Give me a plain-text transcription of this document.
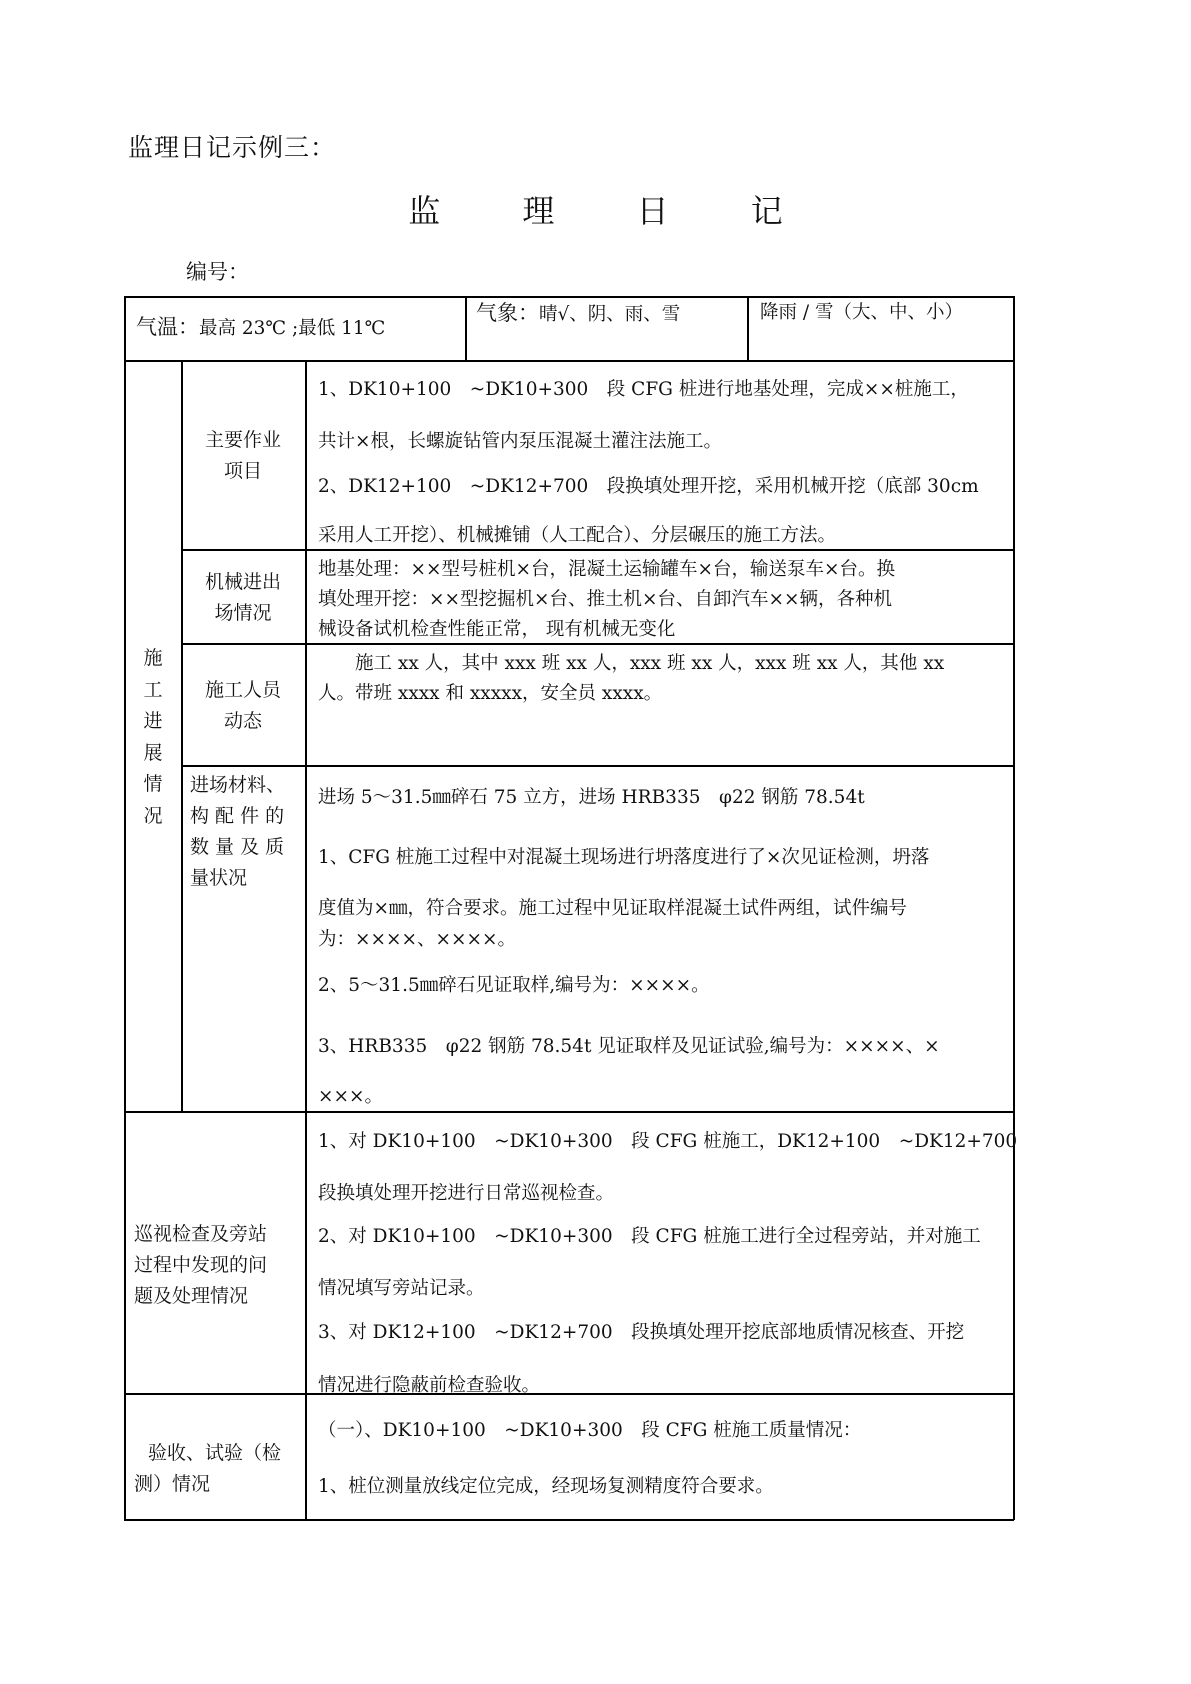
监理日记示例三：
监 理 日 记
编号：
气温：最高 23℃ ;最低 11℃
气象：晴√、阴、雨、雪	降雨 / 雪（大、中、小）
施
工
进
展
情
况
主要作业
项目
1、DK10+100　~DK10+300　段 CFG 桩进行地基处理，完成××桩施工，
共计×根，长螺旋钻管内泵压混凝土灌注法施工。
2、DK12+100　~DK12+700　段换填处理开挖，采用机械开挖（底部 30cm
采用人工开挖）、机械摊铺（人工配合）、分层碾压的施工方法。
机械进出
场情况
地基处理：××型号桩机×台，混凝土运输罐车×台，输送泵车×台。换
填处理开挖：××型挖掘机×台、推土机×台、自卸汽车××辆，各种机
械设备试机检查性能正常， 现有机械无变化
施工人员
动态
　　施工 xx 人，其中 xxx 班 xx 人，xxx 班 xx 人，xxx 班 xx 人，其他 xx
人。带班 xxxx 和 xxxxx，安全员 xxxx。
进场材料、
构 配 件 的
数 量 及 质
量状况
进场 5～31.5㎜碎石 75 立方，进场 HRB335　φ22 钢筋 78.54t
1、CFG 桩施工过程中对混凝土现场进行坍落度进行了×次见证检测，坍落
度值为×㎜，符合要求。施工过程中见证取样混凝土试件两组，试件编号
为：××××、××××。
2、5～31.5㎜碎石见证取样,编号为：××××。
3、HRB335　φ22 钢筋 78.54t 见证取样及见证试验,编号为：××××、×
×××。
巡视检查及旁站
过程中发现的问
题及处理情况
1、对 DK10+100　~DK10+300　段 CFG 桩施工，DK12+100　~DK12+700
段换填处理开挖进行日常巡视检查。
2、对 DK10+100　~DK10+300　段 CFG 桩施工进行全过程旁站，并对施工
情况填写旁站记录。
3、对 DK12+100　~DK12+700　段换填处理开挖底部地质情况核查、开挖
情况进行隐蔽前检查验收。
验收、试验（检
测）情况
（一）、DK10+100　~DK10+300　段 CFG 桩施工质量情况：
1、桩位测量放线定位完成，经现场复测精度符合要求。
